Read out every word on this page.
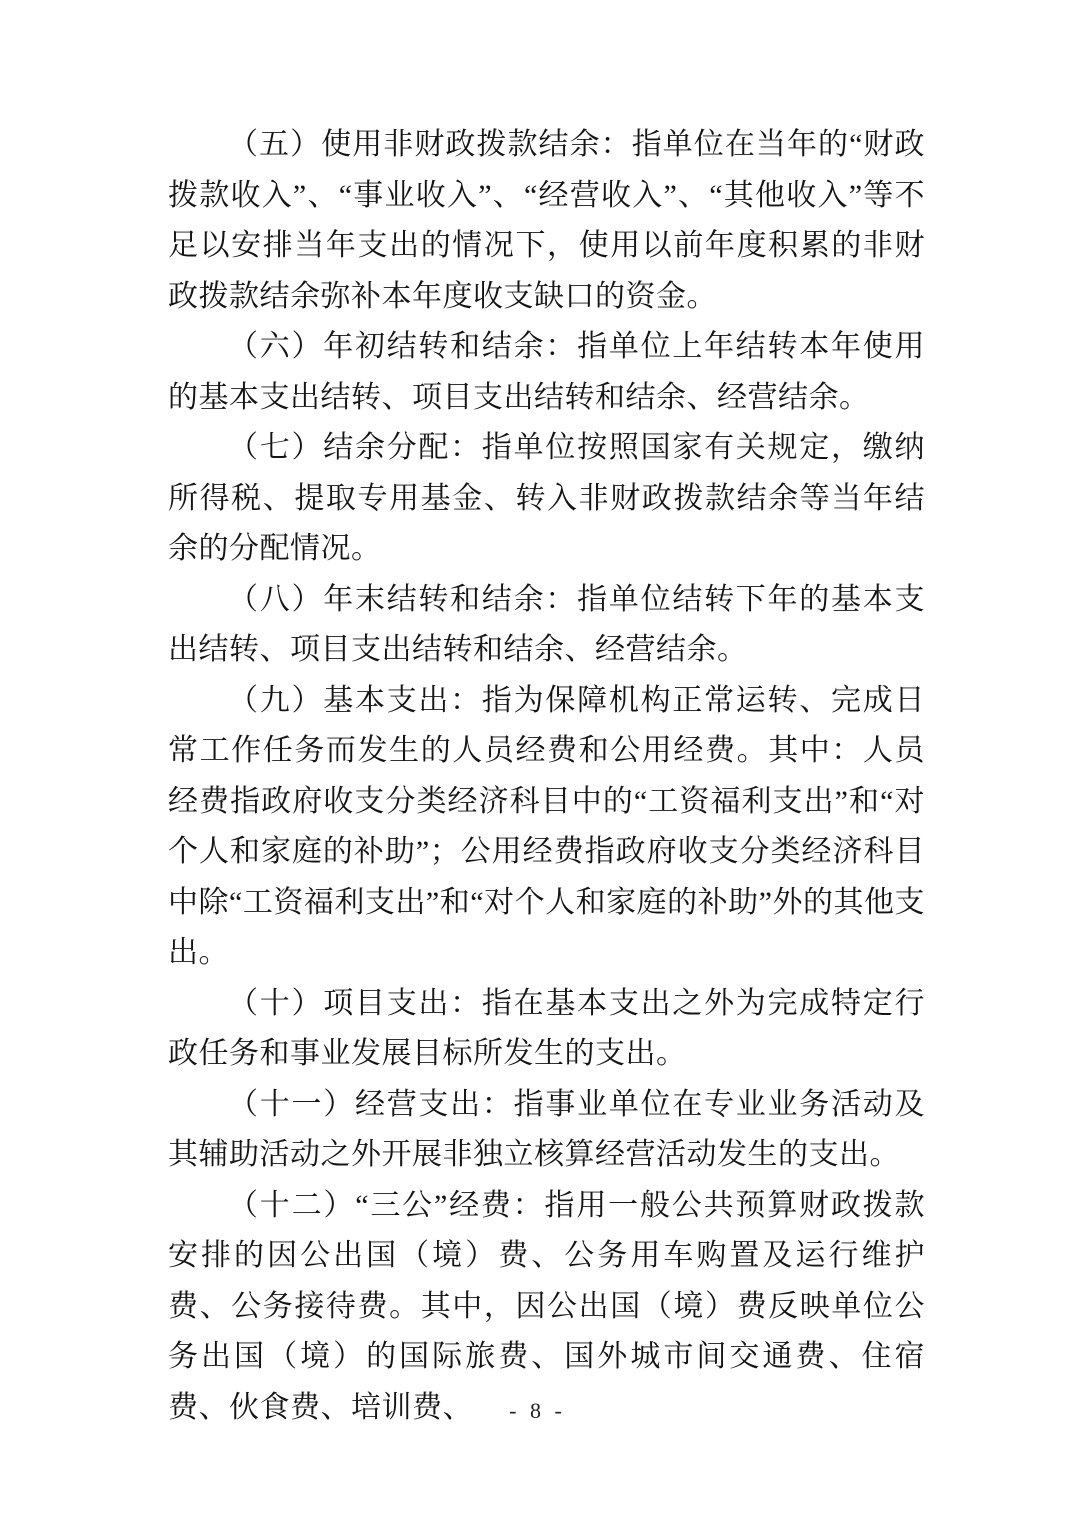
（五）使用非财政拨款结余：指单位在当年的“财政拨款收入”、“事业收入”、“经营收入”、“其他收入”等不足以安排当年支出的情况下，使用以前年度积累的非财政拨款结余弥补本年度收支缺口的资金。

（六）年初结转和结余：指单位上年结转本年使用的基本支出结转、项目支出结转和结余、经营结余。

（七）结余分配：指单位按照国家有关规定，缴纳所得税、提取专用基金、转入非财政拨款结余等当年结余的分配情况。

（八）年末结转和结余：指单位结转下年的基本支出结转、项目支出结转和结余、经营结余。

（九）基本支出：指为保障机构正常运转、完成日常工作任务而发生的人员经费和公用经费。其中：人员经费指政府收支分类经济科目中的“工资福利支出”和“对个人和家庭的补助”；公用经费指政府收支分类经济科目中除“工资福利支出”和“对个人和家庭的补助”外的其他支出。

（十）项目支出：指在基本支出之外为完成特定行政任务和事业发展目标所发生的支出。

（十一）经营支出：指事业单位在专业业务活动及其辅助活动之外开展非独立核算经营活动发生的支出。

（十二）“三公”经费：指用一般公共预算财政拨款安排的因公出国（境）费、公务用车购置及运行维护费、公务接待费。其中，因公出国（境）费反映单位公务出国（境）的国际旅费、国外城市间交通费、住宿费、伙食费、培训费、	- 8 -
